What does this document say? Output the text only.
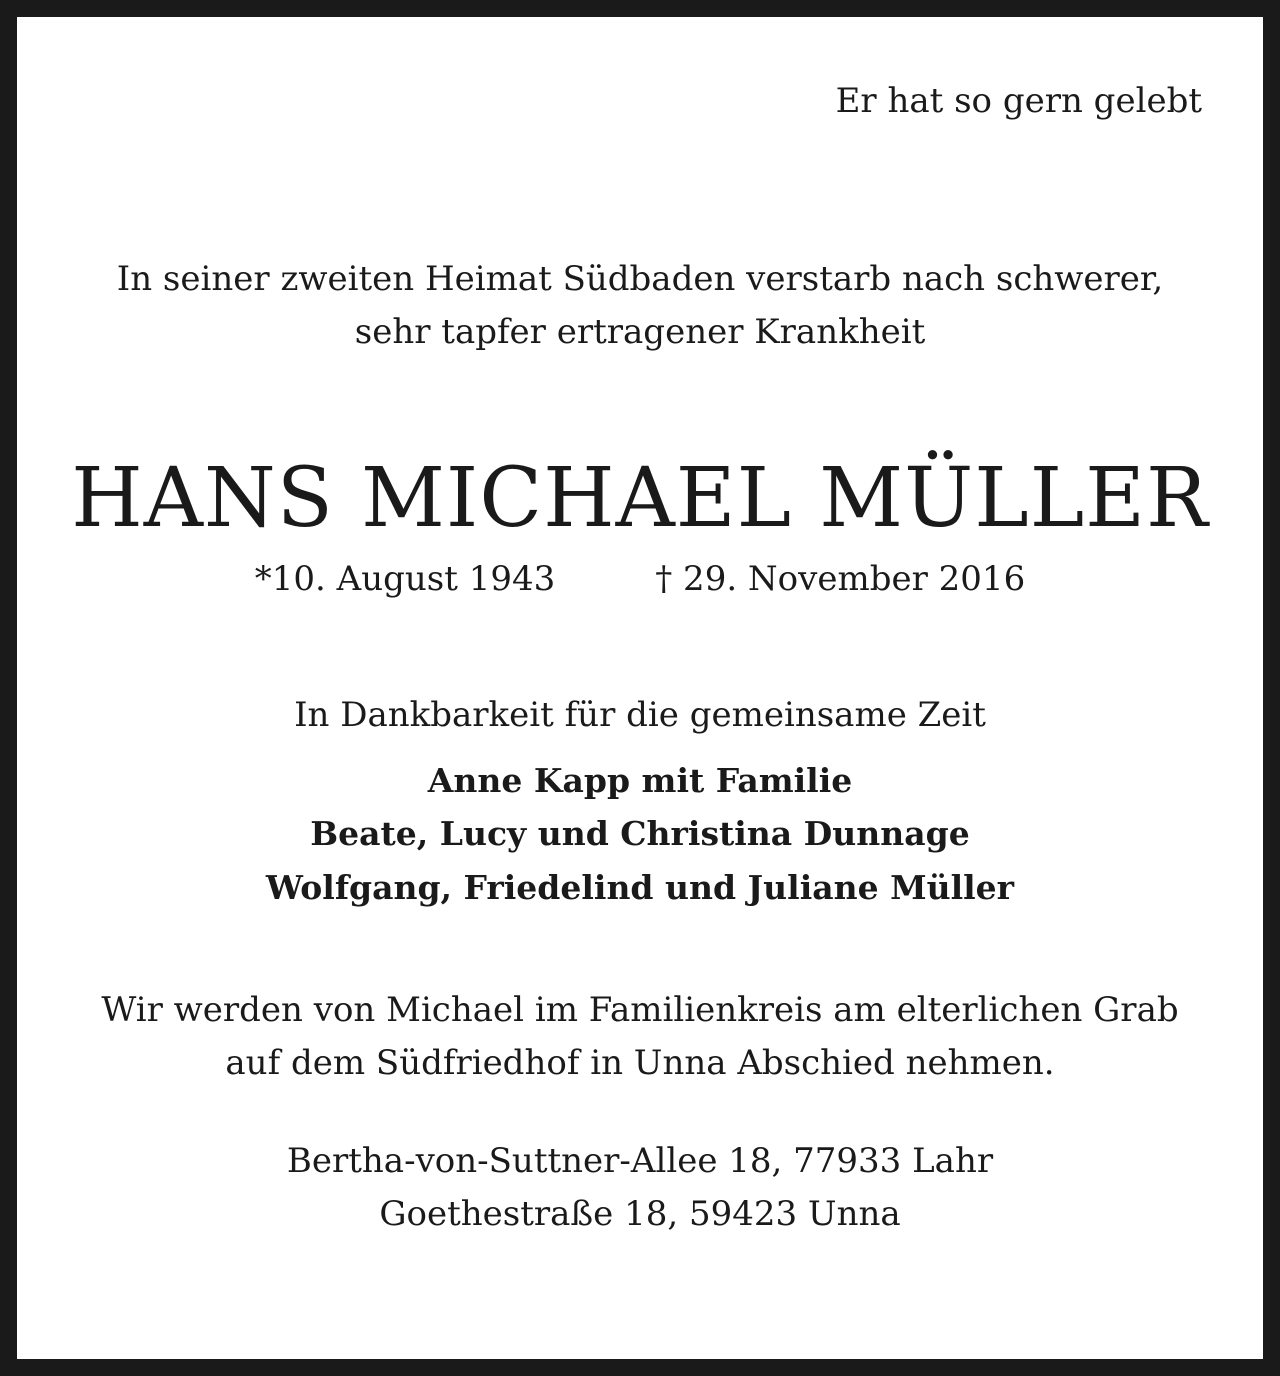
Er hat so gern gelebt
In seiner zweiten Heimat Südbaden verstarb nach schwerer,
sehr tapfer ertragener Krankheit
HANS MICHAEL MÜLLER
*10. August 1943	† 29. November 2016
In Dankbarkeit für die gemeinsame Zeit
Anne Kapp mit Familie
Beate, Lucy und Christina Dunnage
Wolfgang, Friedelind und Juliane Müller
Wir werden von Michael im Familienkreis am elterlichen Grab
auf dem Südfriedhof in Unna Abschied nehmen.
Bertha-von-Suttner-Allee 18, 77933 Lahr
Goethestraße 18, 59423 Unna
